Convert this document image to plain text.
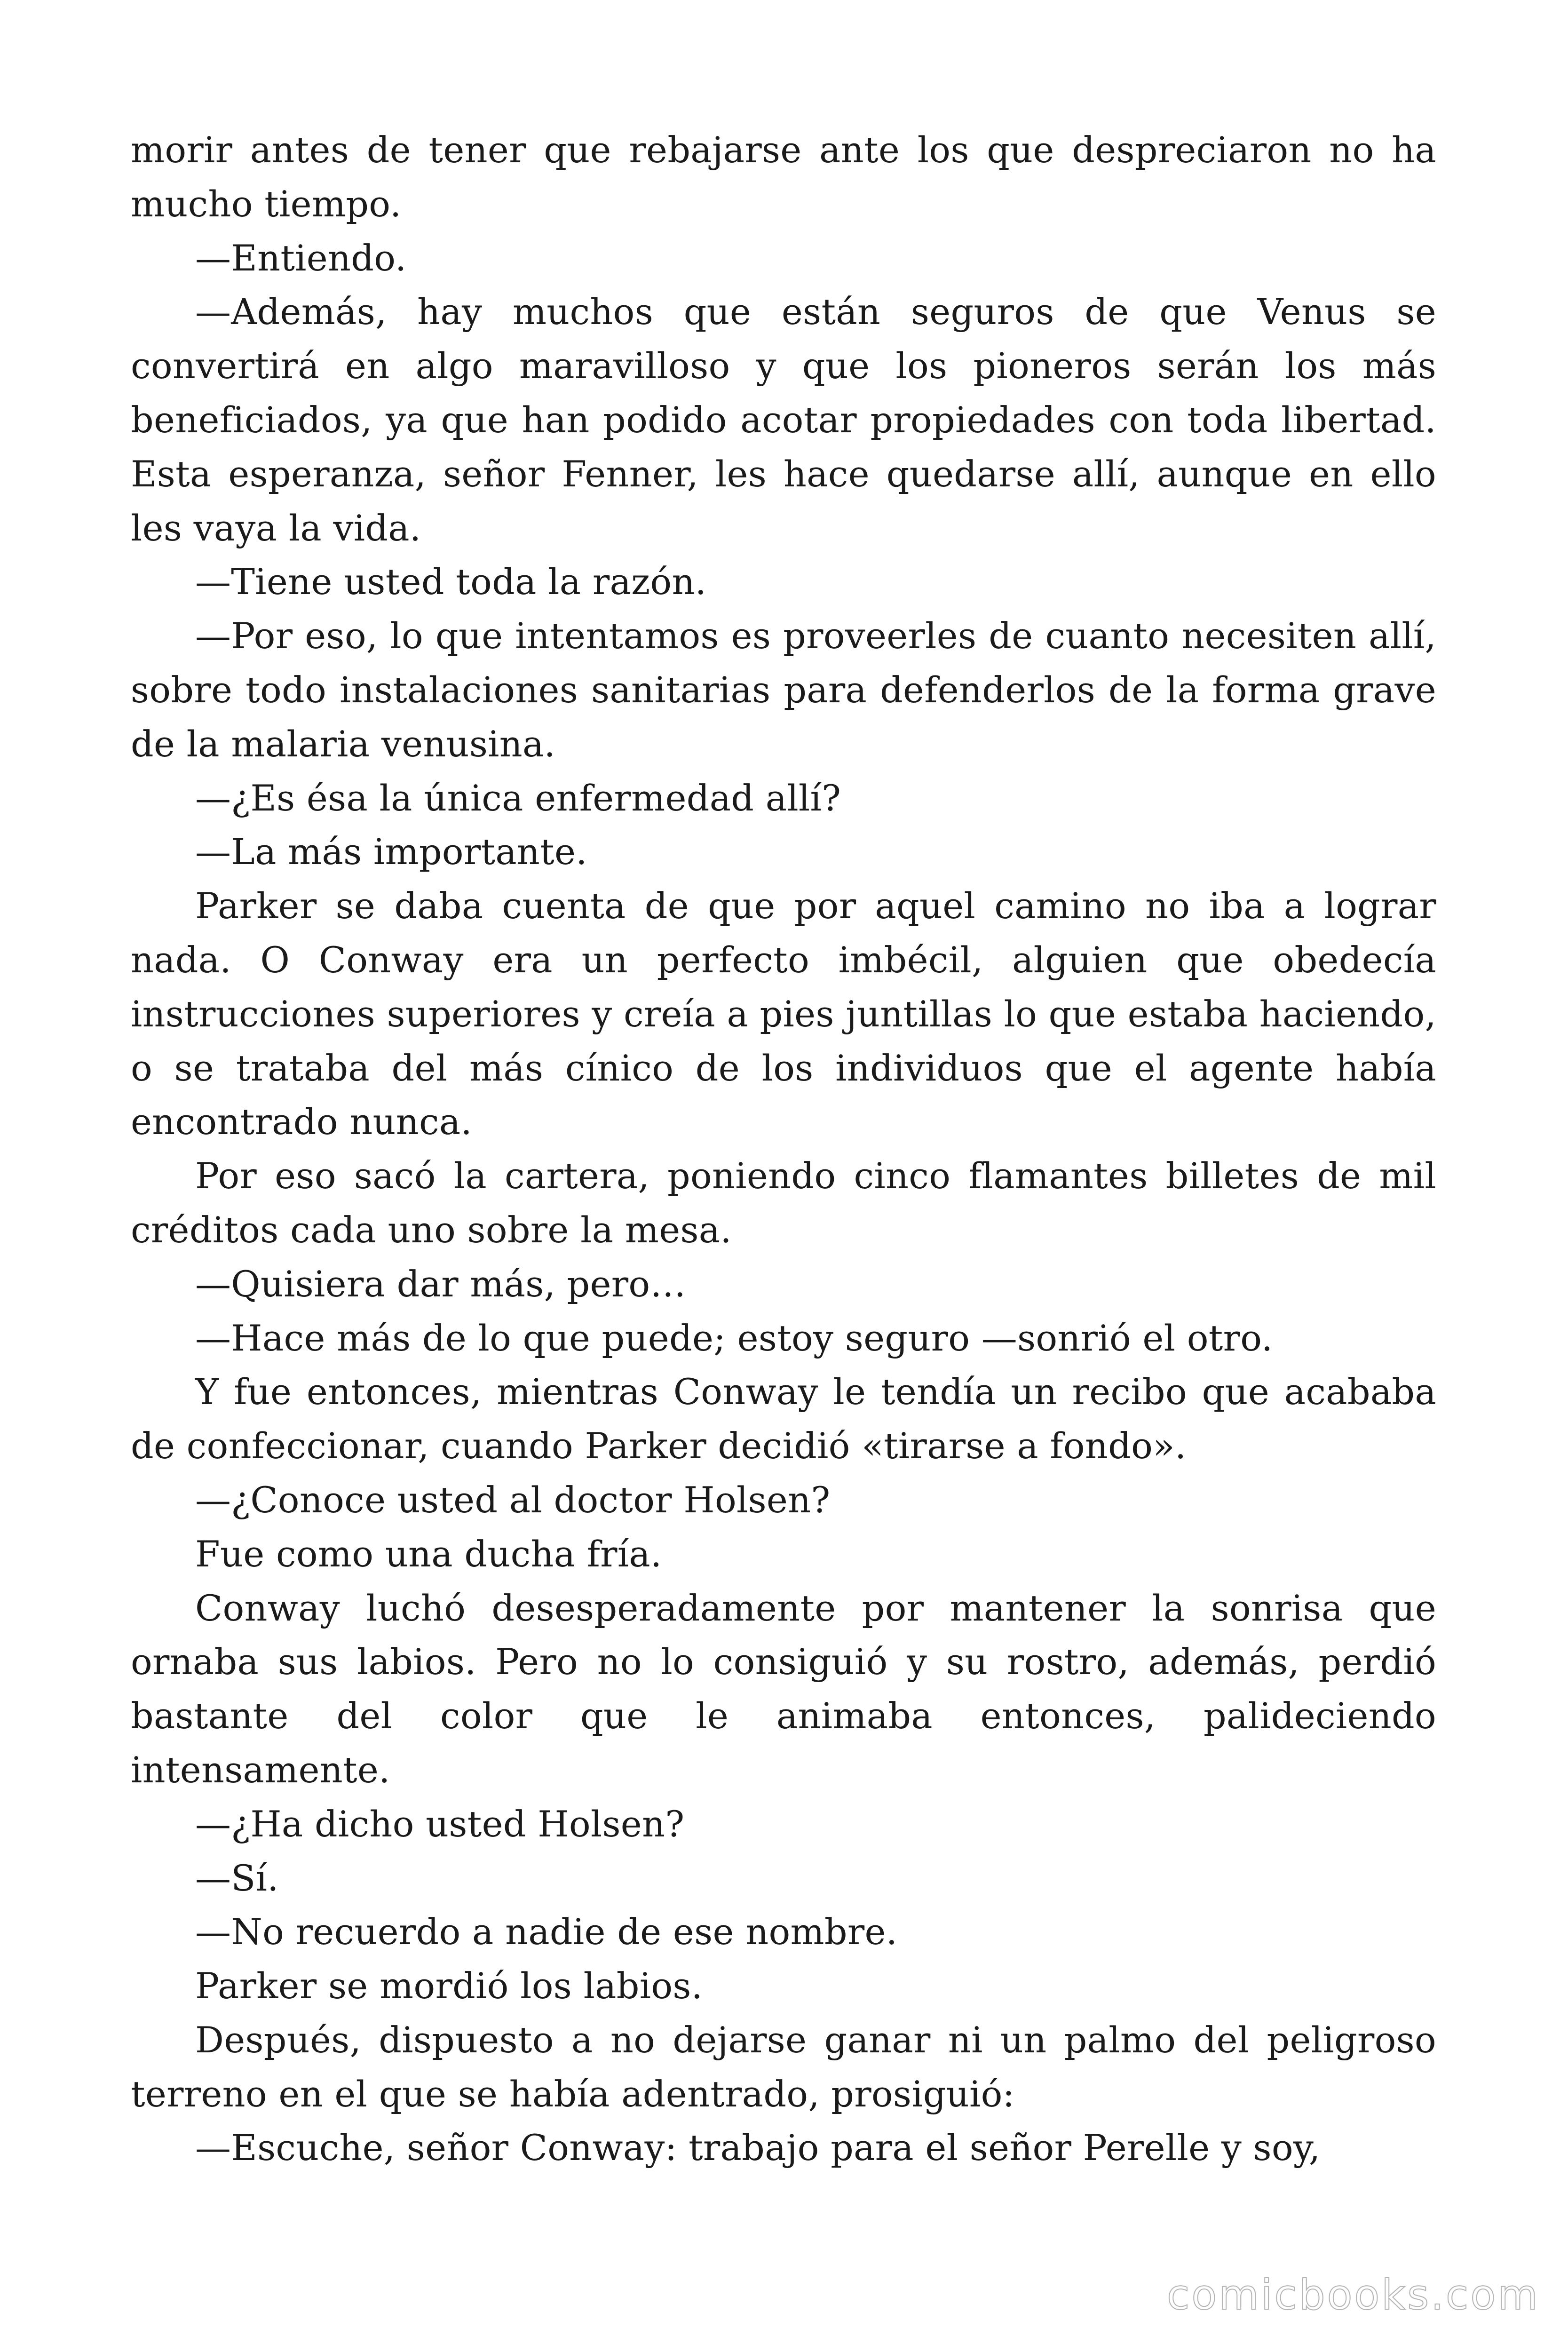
morir antes de tener que rebajarse ante los que despreciaron no ha mucho tiempo.

—Entiendo.

—Además, hay muchos que están seguros de que Venus se convertirá en algo maravilloso y que los pioneros serán los más beneficiados, ya que han podido acotar propiedades con toda libertad. Esta esperanza, señor Fenner, les hace quedarse allí, aunque en ello les vaya la vida.

—Tiene usted toda la razón.

—Por eso, lo que intentamos es proveerles de cuanto necesiten allí, sobre todo instalaciones sanitarias para defenderlos de la forma grave de la malaria venusina.

—¿Es ésa la única enfermedad allí?

—La más importante.

Parker se daba cuenta de que por aquel camino no iba a lograr nada. O Conway era un perfecto imbécil, alguien que obedecía instrucciones superiores y creía a pies juntillas lo que estaba haciendo, o se trataba del más cínico de los individuos que el agente había encontrado nunca.

Por eso sacó la cartera, poniendo cinco flamantes billetes de mil créditos cada uno sobre la mesa.

—Quisiera dar más, pero…

—Hace más de lo que puede; estoy seguro —sonrió el otro.

Y fue entonces, mientras Conway le tendía un recibo que acababa de confeccionar, cuando Parker decidió «tirarse a fondo».

—¿Conoce usted al doctor Holsen?

Fue como una ducha fría.

Conway luchó desesperadamente por mantener la sonrisa que ornaba sus labios. Pero no lo consiguió y su rostro, además, perdió bastante del color que le animaba entonces, palideciendo intensamente.

—¿Ha dicho usted Holsen?

—Sí.

—No recuerdo a nadie de ese nombre.

Parker se mordió los labios.

Después, dispuesto a no dejarse ganar ni un palmo del peligroso terreno en el que se había adentrado, prosiguió:

—Escuche, señor Conway: trabajo para el señor Perelle y soy,

comicbooks.com
